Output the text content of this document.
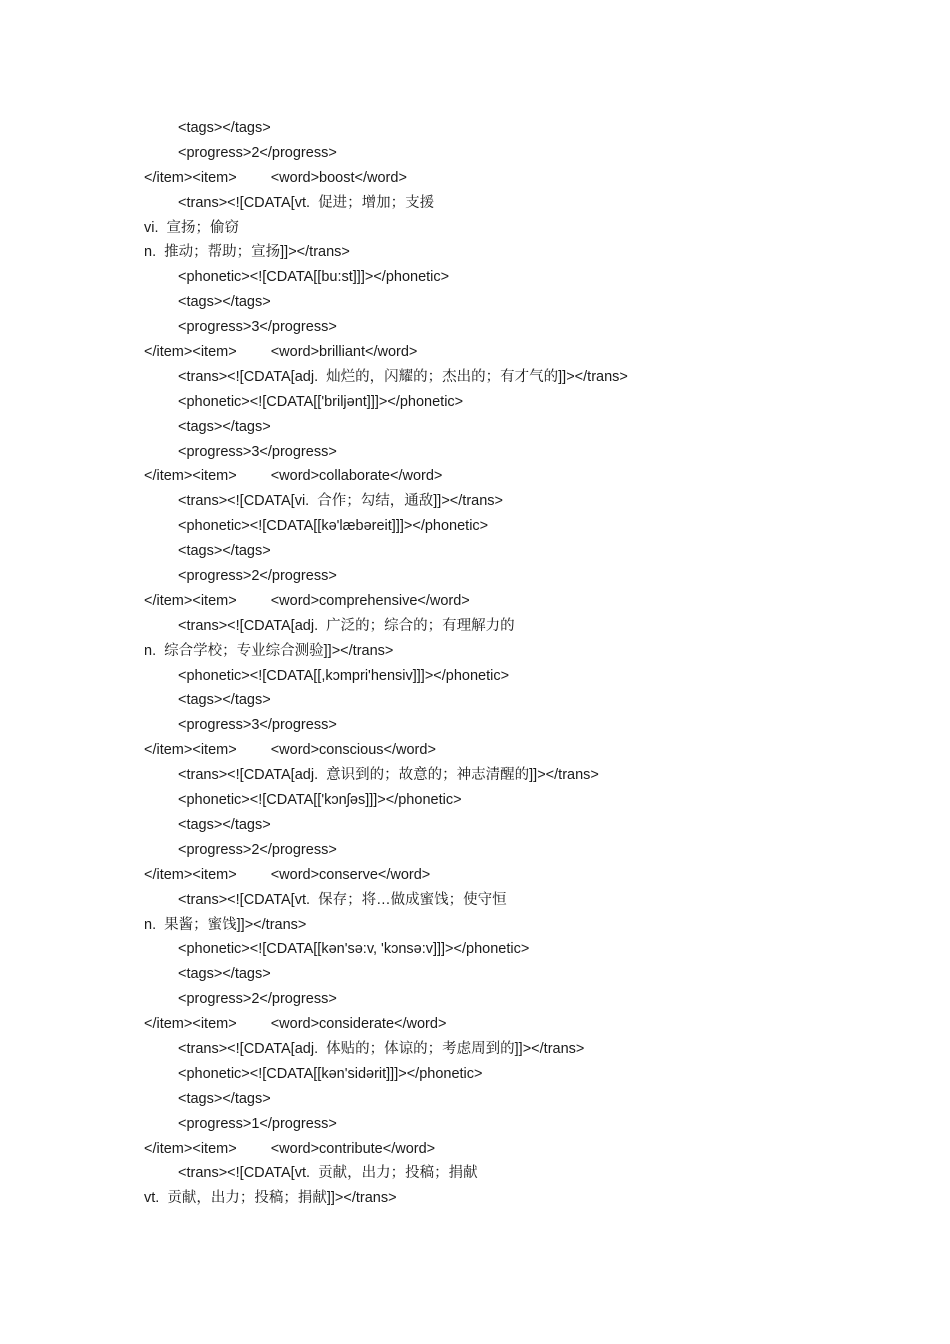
<tags></tags>
<progress>2</progress>
</item><item> <word>boost</word>
<trans><![CDATA[vt.  促进；增加；支援
vi.  宣扬；偷窃
n.  推动；帮助；宣扬]]></trans>
<phonetic><![CDATA[[bu:st]]]></phonetic>
<tags></tags>
<progress>3</progress>
</item><item> <word>brilliant</word>
<trans><![CDATA[adj.  灿烂的，闪耀的；杰出的；有才气的]]></trans>
<phonetic><![CDATA[['briljənt]]]></phonetic>
<tags></tags>
<progress>3</progress>
</item><item> <word>collaborate</word>
<trans><![CDATA[vi.  合作；勾结，通敌]]></trans>
<phonetic><![CDATA[[kə'læbəreit]]]></phonetic>
<tags></tags>
<progress>2</progress>
</item><item> <word>comprehensive</word>
<trans><![CDATA[adj.  广泛的；综合的；有理解力的
n.  综合学校；专业综合测验]]></trans>
<phonetic><![CDATA[[,kɔmpri'hensiv]]]></phonetic>
<tags></tags>
<progress>3</progress>
</item><item> <word>conscious</word>
<trans><![CDATA[adj.  意识到的；故意的；神志清醒的]]></trans>
<phonetic><![CDATA[['kɔnʃəs]]]></phonetic>
<tags></tags>
<progress>2</progress>
</item><item> <word>conserve</word>
<trans><![CDATA[vt.  保存；将…做成蜜饯；使守恒
n.  果酱；蜜饯]]></trans>
<phonetic><![CDATA[[kən'sə:v, 'kɔnsə:v]]]></phonetic>
<tags></tags>
<progress>2</progress>
</item><item> <word>considerate</word>
<trans><![CDATA[adj.  体贴的；体谅的；考虑周到的]]></trans>
<phonetic><![CDATA[[kən'sidərit]]]></phonetic>
<tags></tags>
<progress>1</progress>
</item><item> <word>contribute</word>
<trans><![CDATA[vt.  贡献，出力；投稿；捐献
vt.  贡献，出力；投稿；捐献]]></trans>
